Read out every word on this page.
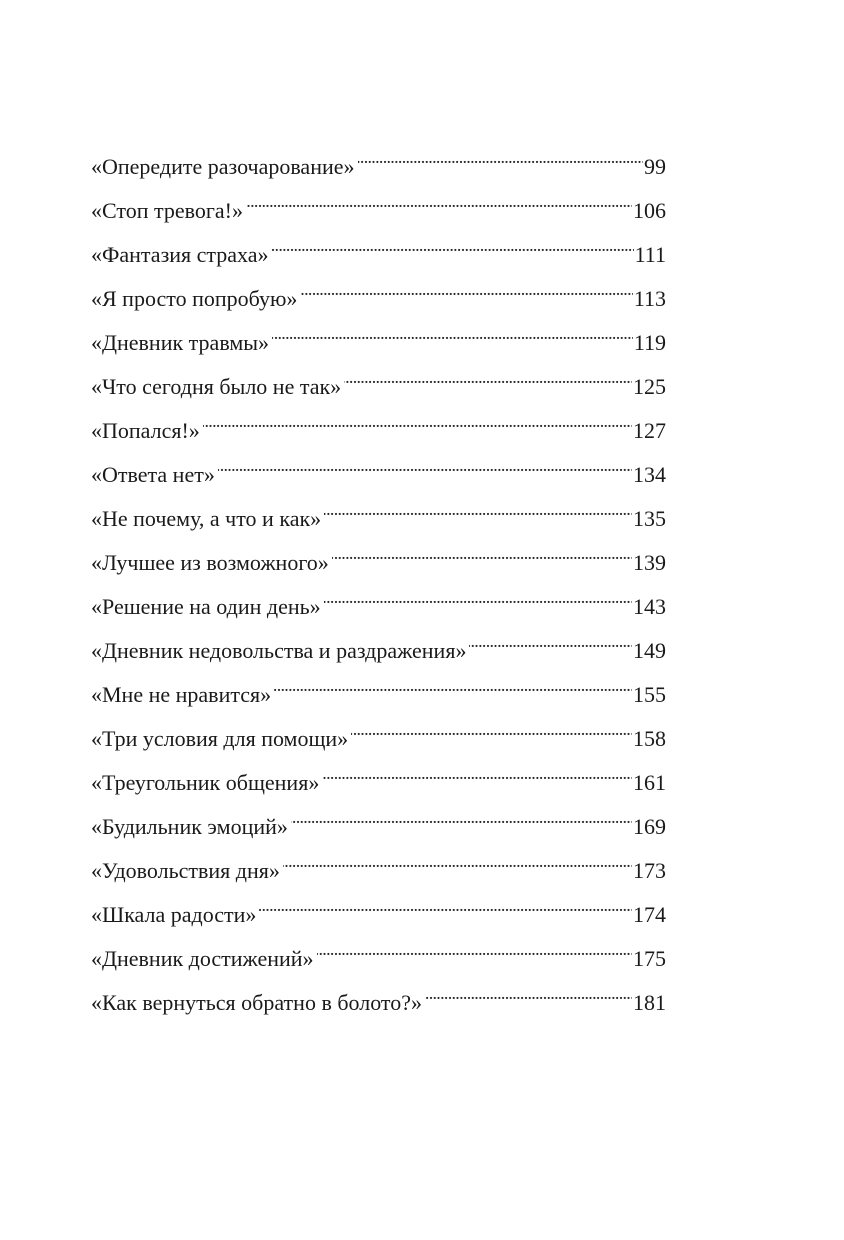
«Опередите разочарование» . . .	99
«Стоп тревога!» . . .	106
«Фантазия страха» . . .	111
«Я просто попробую» . . .	113
«Дневник травмы» . . .	119
«Что сегодня было не так» . . .	125
«Попался!» . . .	127
«Ответа нет» . . .	134
«Не почему, а что и как» . . .	135
«Лучшее из возможного» . . .	139
«Решение на один день» . . .	143
«Дневник недовольства и раздражения» . . .	149
«Мне не нравится» . . .	155
«Три условия для помощи» . . .	158
«Треугольник общения» . . .	161
«Будильник эмоций» . . .	169
«Удовольствия дня» . . .	173
«Шкала радости» . . .	174
«Дневник достижений» . . .	175
«Как вернуться обратно в болото?» . . .	181
